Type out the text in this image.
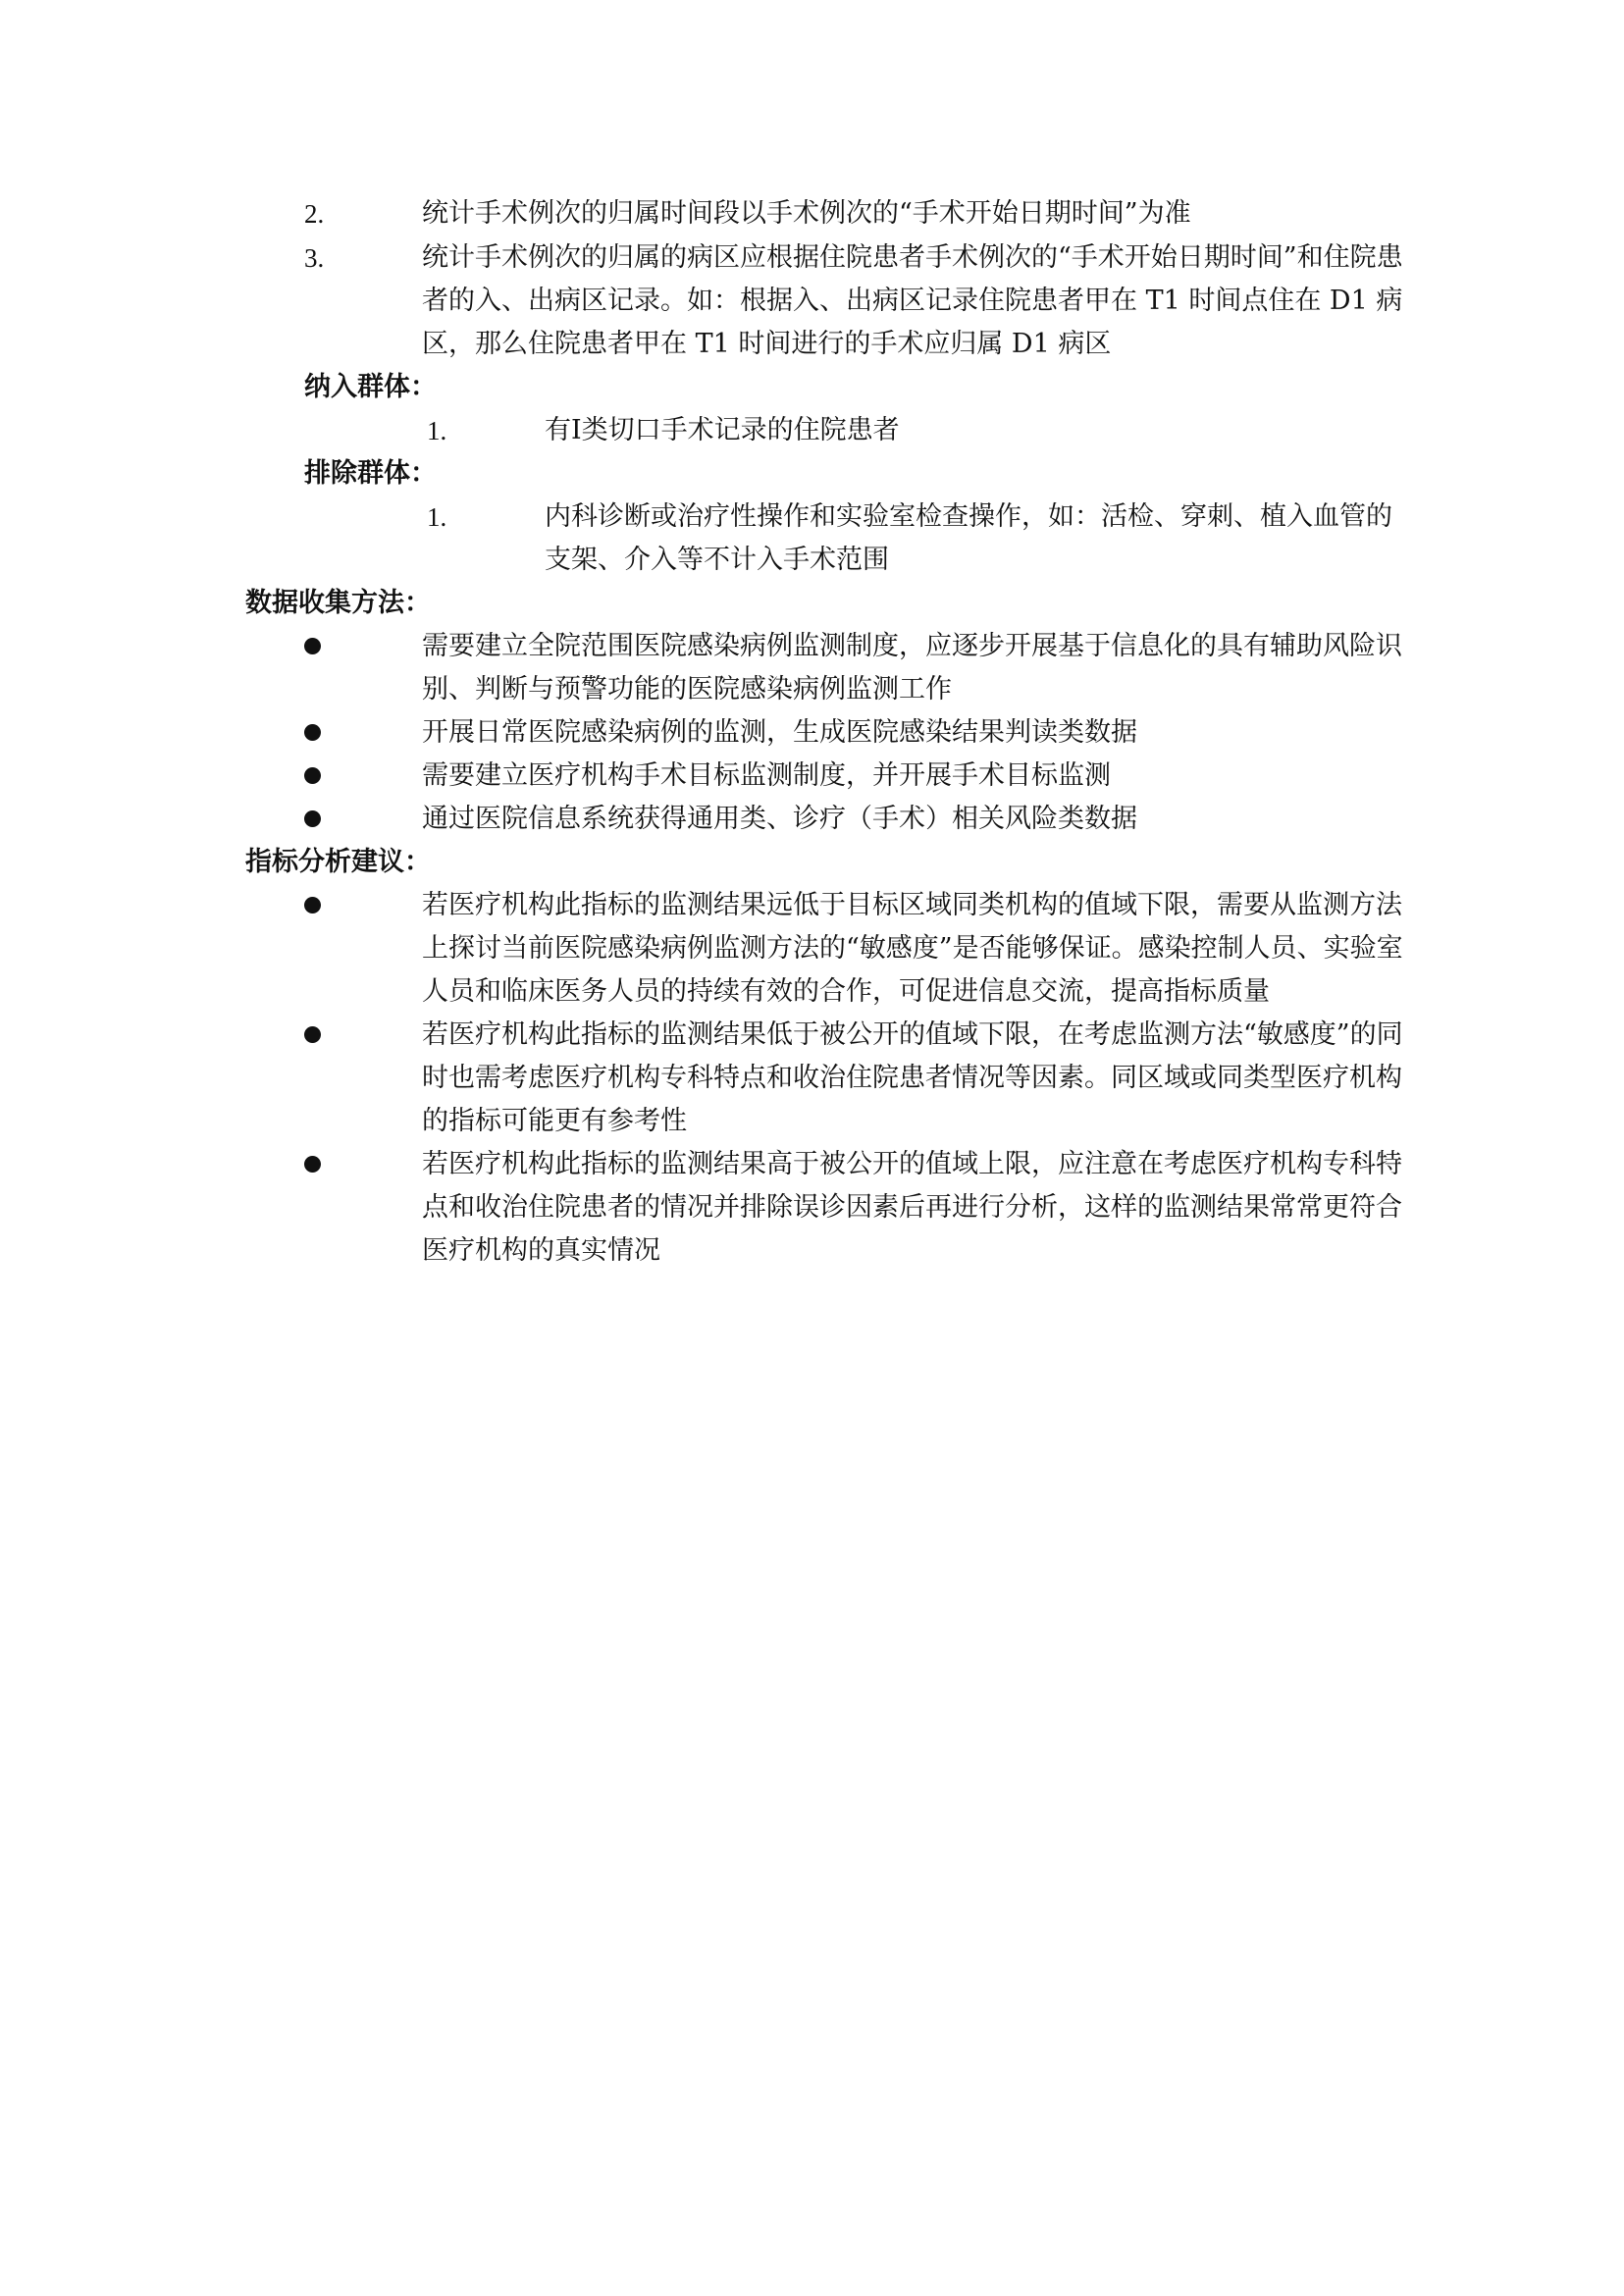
2.	统计手术例次的归属时间段以手术例次的“手术开始日期时间”为准
3.	统计手术例次的归属的病区应根据住院患者手术例次的“手术开始日期时间”和住院患者的入、出病区记录。如：根据入、出病区记录住院患者甲在 T1 时间点住在 D1 病区，那么住院患者甲在 T1 时间进行的手术应归属 D1 病区
纳入群体：
1.	有Ⅰ类切口手术记录的住院患者
排除群体：
1.	内科诊断或治疗性操作和实验室检查操作，如：活检、穿刺、植入血管的支架、介入等不计入手术范围
数据收集方法：
需要建立全院范围医院感染病例监测制度，应逐步开展基于信息化的具有辅助风险识别、判断与预警功能的医院感染病例监测工作
开展日常医院感染病例的监测，生成医院感染结果判读类数据
需要建立医疗机构手术目标监测制度，并开展手术目标监测
通过医院信息系统获得通用类、诊疗（手术）相关风险类数据
指标分析建议：
若医疗机构此指标的监测结果远低于目标区域同类机构的值域下限，需要从监测方法上探讨当前医院感染病例监测方法的“敏感度”是否能够保证。感染控制人员、实验室人员和临床医务人员的持续有效的合作，可促进信息交流，提高指标质量
若医疗机构此指标的监测结果低于被公开的值域下限，在考虑监测方法“敏感度”的同时也需考虑医疗机构专科特点和收治住院患者情况等因素。同区域或同类型医疗机构的指标可能更有参考性
若医疗机构此指标的监测结果高于被公开的值域上限，应注意在考虑医疗机构专科特点和收治住院患者的情况并排除误诊因素后再进行分析，这样的监测结果常常更符合医疗机构的真实情况
